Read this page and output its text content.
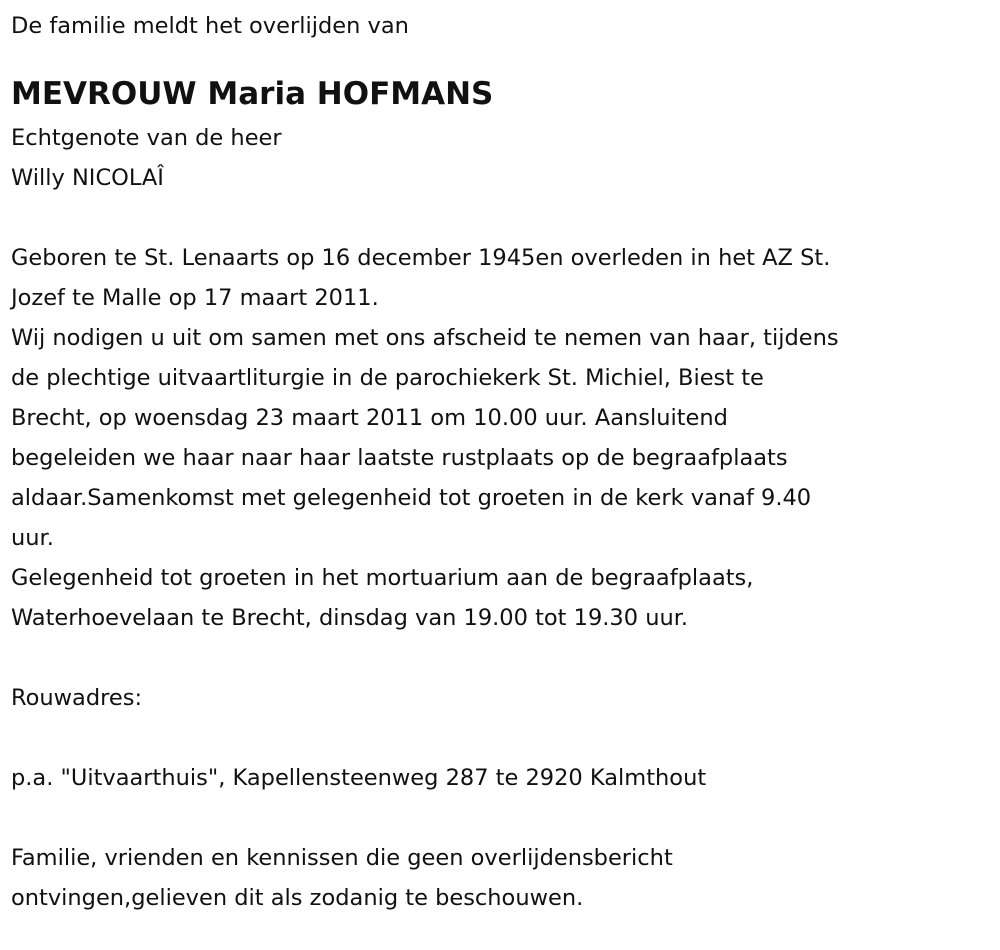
De familie meldt het overlijden van
MEVROUW Maria HOFMANS
Echtgenote van de heer
Willy NICOLAÎ
Geboren te St. Lenaarts op 16 december 1945en overleden in het AZ St.
Jozef te Malle op 17 maart 2011.
Wij nodigen u uit om samen met ons afscheid te nemen van haar, tijdens
de plechtige uitvaartliturgie in de parochiekerk St. Michiel, Biest te
Brecht, op woensdag 23 maart 2011 om 10.00 uur. Aansluitend
begeleiden we haar naar haar laatste rustplaats op de begraafplaats
aldaar.Samenkomst met gelegenheid tot groeten in de kerk vanaf 9.40
uur.
Gelegenheid tot groeten in het mortuarium aan de begraafplaats,
Waterhoevelaan te Brecht, dinsdag van 19.00 tot 19.30 uur.
Rouwadres:
p.a. "Uitvaarthuis", Kapellensteenweg 287 te 2920 Kalmthout
Familie, vrienden en kennissen die geen overlijdensbericht
ontvingen,gelieven dit als zodanig te beschouwen.
